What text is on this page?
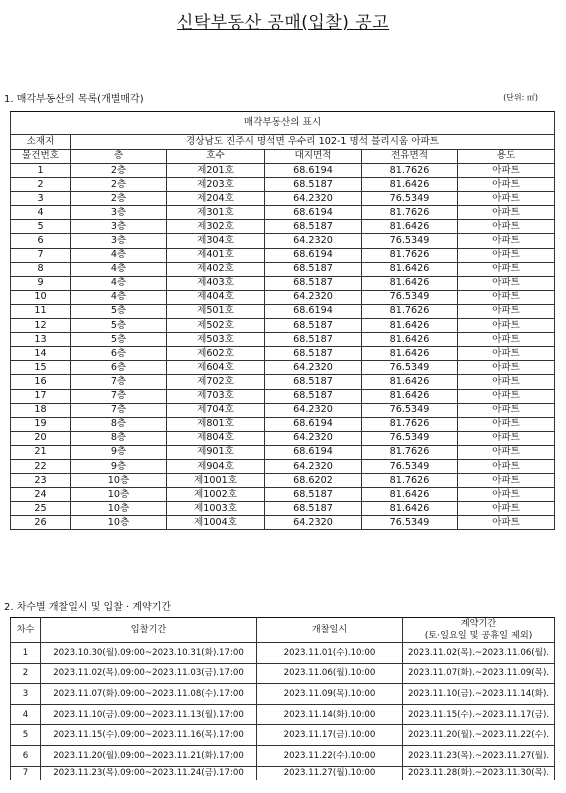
신탁부동산 공매(입찰) 공고
1. 매각부동산의 목록(개별매각)	(단위: ㎡)
매각부동산의 표시					
소재지	경상남도 진주시 명석면 우수리 102-1 명석 블리시움 아파트				
물건번호	층	호수	대지면적	전유면적	용도
1	2층	제201호	68.6194	81.7626	아파트
2	2층	제203호	68.5187	81.6426	아파트
3	2층	제204호	64.2320	76.5349	아파트
4	3층	제301호	68.6194	81.7626	아파트
5	3층	제302호	68.5187	81.6426	아파트
6	3층	제304호	64.2320	76.5349	아파트
7	4층	제401호	68.6194	81.7626	아파트
8	4층	제402호	68.5187	81.6426	아파트
9	4층	제403호	68.5187	81.6426	아파트
10	4층	제404호	64.2320	76.5349	아파트
11	5층	제501호	68.6194	81.7626	아파트
12	5층	제502호	68.5187	81.6426	아파트
13	5층	제503호	68.5187	81.6426	아파트
14	6층	제602호	68.5187	81.6426	아파트
15	6층	제604호	64.2320	76.5349	아파트
16	7층	제702호	68.5187	81.6426	아파트
17	7층	제703호	68.5187	81.6426	아파트
18	7층	제704호	64.2320	76.5349	아파트
19	8층	제801호	68.6194	81.7626	아파트
20	8층	제804호	64.2320	76.5349	아파트
21	9층	제901호	68.6194	81.7626	아파트
22	9층	제904호	64.2320	76.5349	아파트
23	10층	제1001호	68.6202	81.7626	아파트
24	10층	제1002호	68.5187	81.6426	아파트
25	10층	제1003호	68.5187	81.6426	아파트
26	10층	제1004호	64.2320	76.5349	아파트
2. 차수별 개찰일시 및 입찰 · 계약기간
차수	입찰기간	개찰일시	계약기간
(토·일요일 및 공휴일 제외)

1	2023.10.30(월).09:00~2023.10.31(화).17:00	2023.11.01(수).10:00	2023.11.02(목).~2023.11.06(월).
2	2023.11.02(목).09:00~2023.11.03(금).17:00	2023.11.06(월).10:00	2023.11.07(화).~2023.11.09(목).
3	2023.11.07(화).09:00~2023.11.08(수).17:00	2023.11.09(목).10:00	2023.11.10(금).~2023.11.14(화).
4	2023.11.10(금).09:00~2023.11.13(월).17:00	2023.11.14(화).10:00	2023.11.15(수).~2023.11.17(금).
5	2023.11.15(수).09:00~2023.11.16(목).17:00	2023.11.17(금).10:00	2023.11.20(월).~2023.11.22(수).
6	2023.11.20(월).09:00~2023.11.21(화).17:00	2023.11.22(수).10:00	2023.11.23(목).~2023.11.27(월).
7	2023.11.23(목).09:00~2023.11.24(금).17:00	2023.11.27(월).10:00	2023.11.28(화).~2023.11.30(목).
